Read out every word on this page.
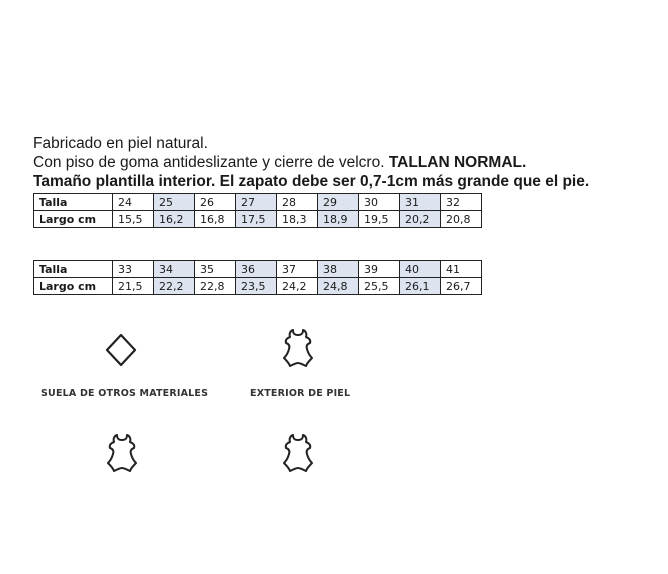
Fabricado en piel natural.
Con piso de goma antideslizante y cierre de velcro. TALLAN NORMAL.
Tamaño plantilla interior. El zapato debe ser 0,7-1cm más grande que el pie.
Talla	24	25	26	27	28	29	30	31	32
Largo cm	15,5	16,2	16,8	17,5	18,3	18,9	19,5	20,2	20,8
Talla	33	34	35	36	37	38	39	40	41
Largo cm	21,5	22,2	22,8	23,5	24,2	24,8	25,5	26,1	26,7
SUELA DE OTROS MATERIALES	EXTERIOR DE PIEL
